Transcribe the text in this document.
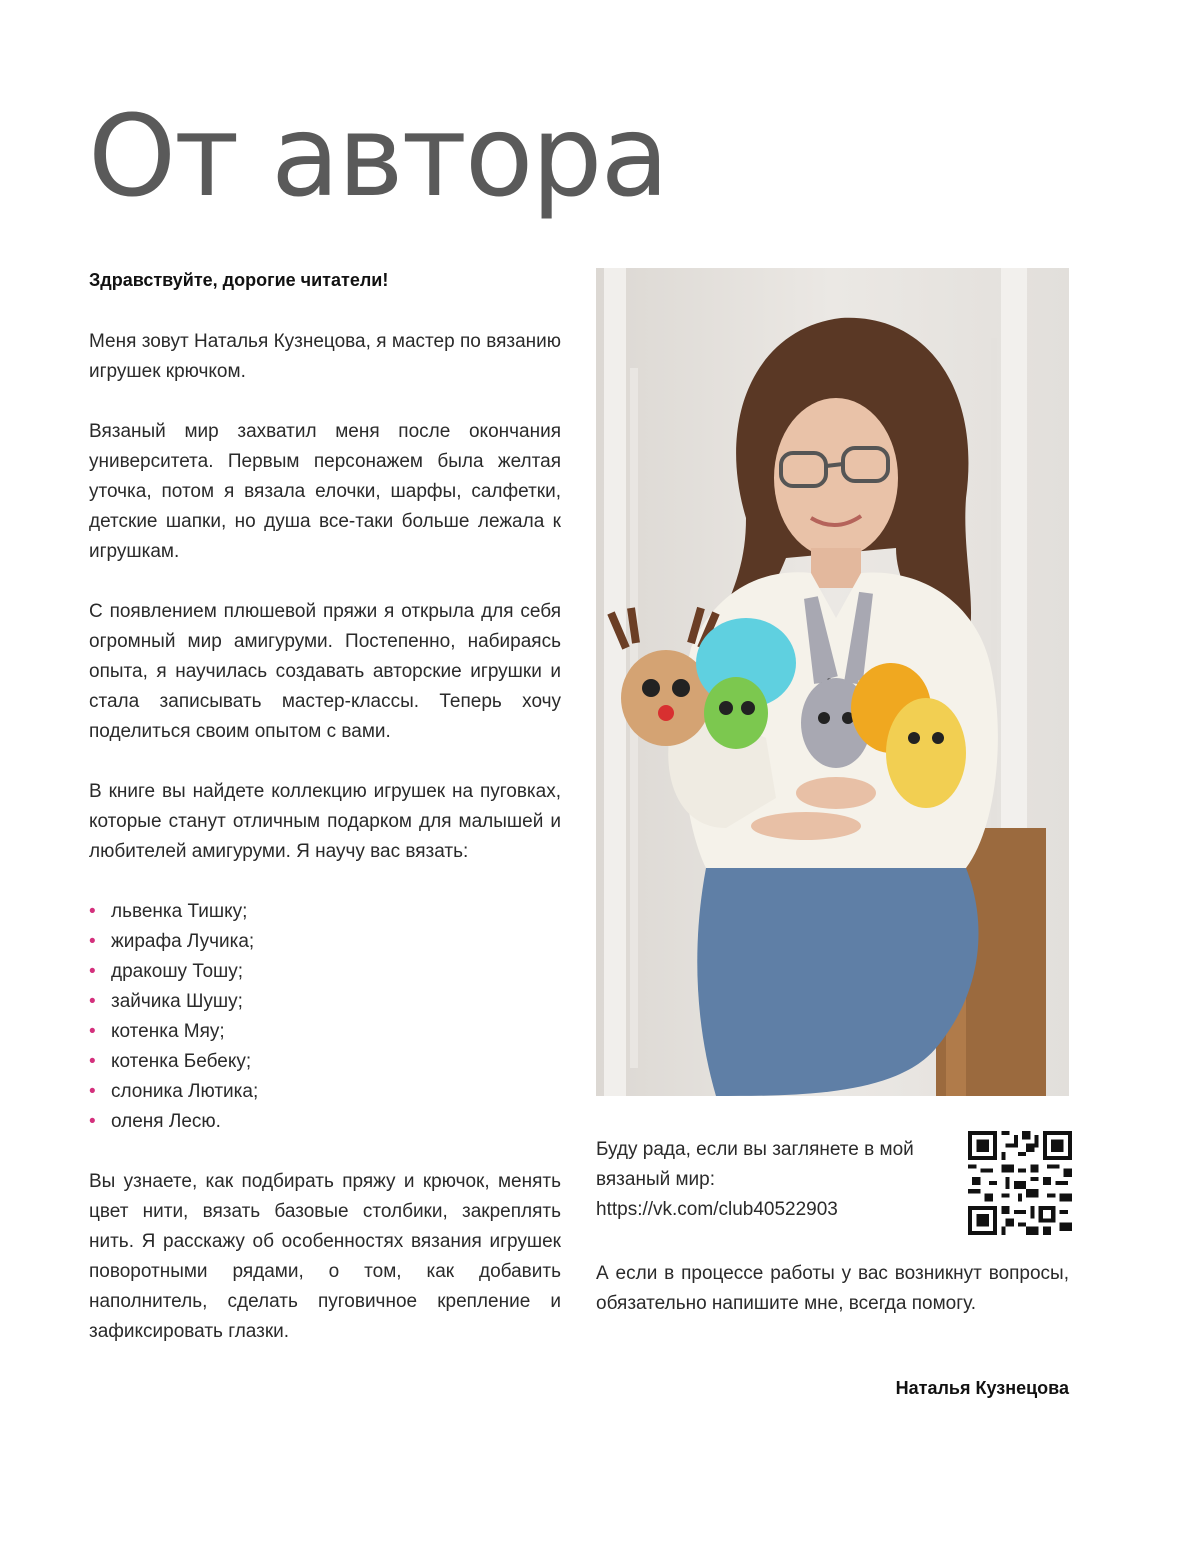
От автора

Здравствуйте, дорогие читатели!

Меня зовут Наталья Кузнецова, я мастер по вязанию игрушек крючком.

Вязаный мир захватил меня после окончания университета. Первым персонажем была желтая уточка, потом я вязала елочки, шарфы, салфетки, детские шапки, но душа все-таки больше лежала к игрушкам.

С появлением плюшевой пряжи я открыла для себя огромный мир амигуруми. Постепенно, набираясь опыта, я научилась создавать авторские игрушки и стала записывать мастер-классы. Теперь хочу поделиться своим опытом с вами.

В книге вы найдете коллекцию игрушек на пуговках, которые станут отличным подарком для малышей и любителей амигуруми. Я научу вас вязать:

• львенка Тишку;
• жирафа Лучика;
• дракошу Тошу;
• зайчика Шушу;
• котенка Мяу;
• котенка Бебеку;
• слоника Лютика;
• оленя Лесю.

Вы узнаете, как подбирать пряжу и крючок, менять цвет нити, вязать базовые столбики, закреплять нить. Я расскажу об особенностях вязания игрушек поворотными рядами, о том, как добавить наполнитель, сделать пуговичное крепление и зафиксировать глазки.

Буду рада, если вы заглянете в мой вязаный мир:

https://vk.com/club40522903

А если в процессе работы у вас возникнут вопросы, обязательно напишите мне, всегда помогу.

Наталья Кузнецова
